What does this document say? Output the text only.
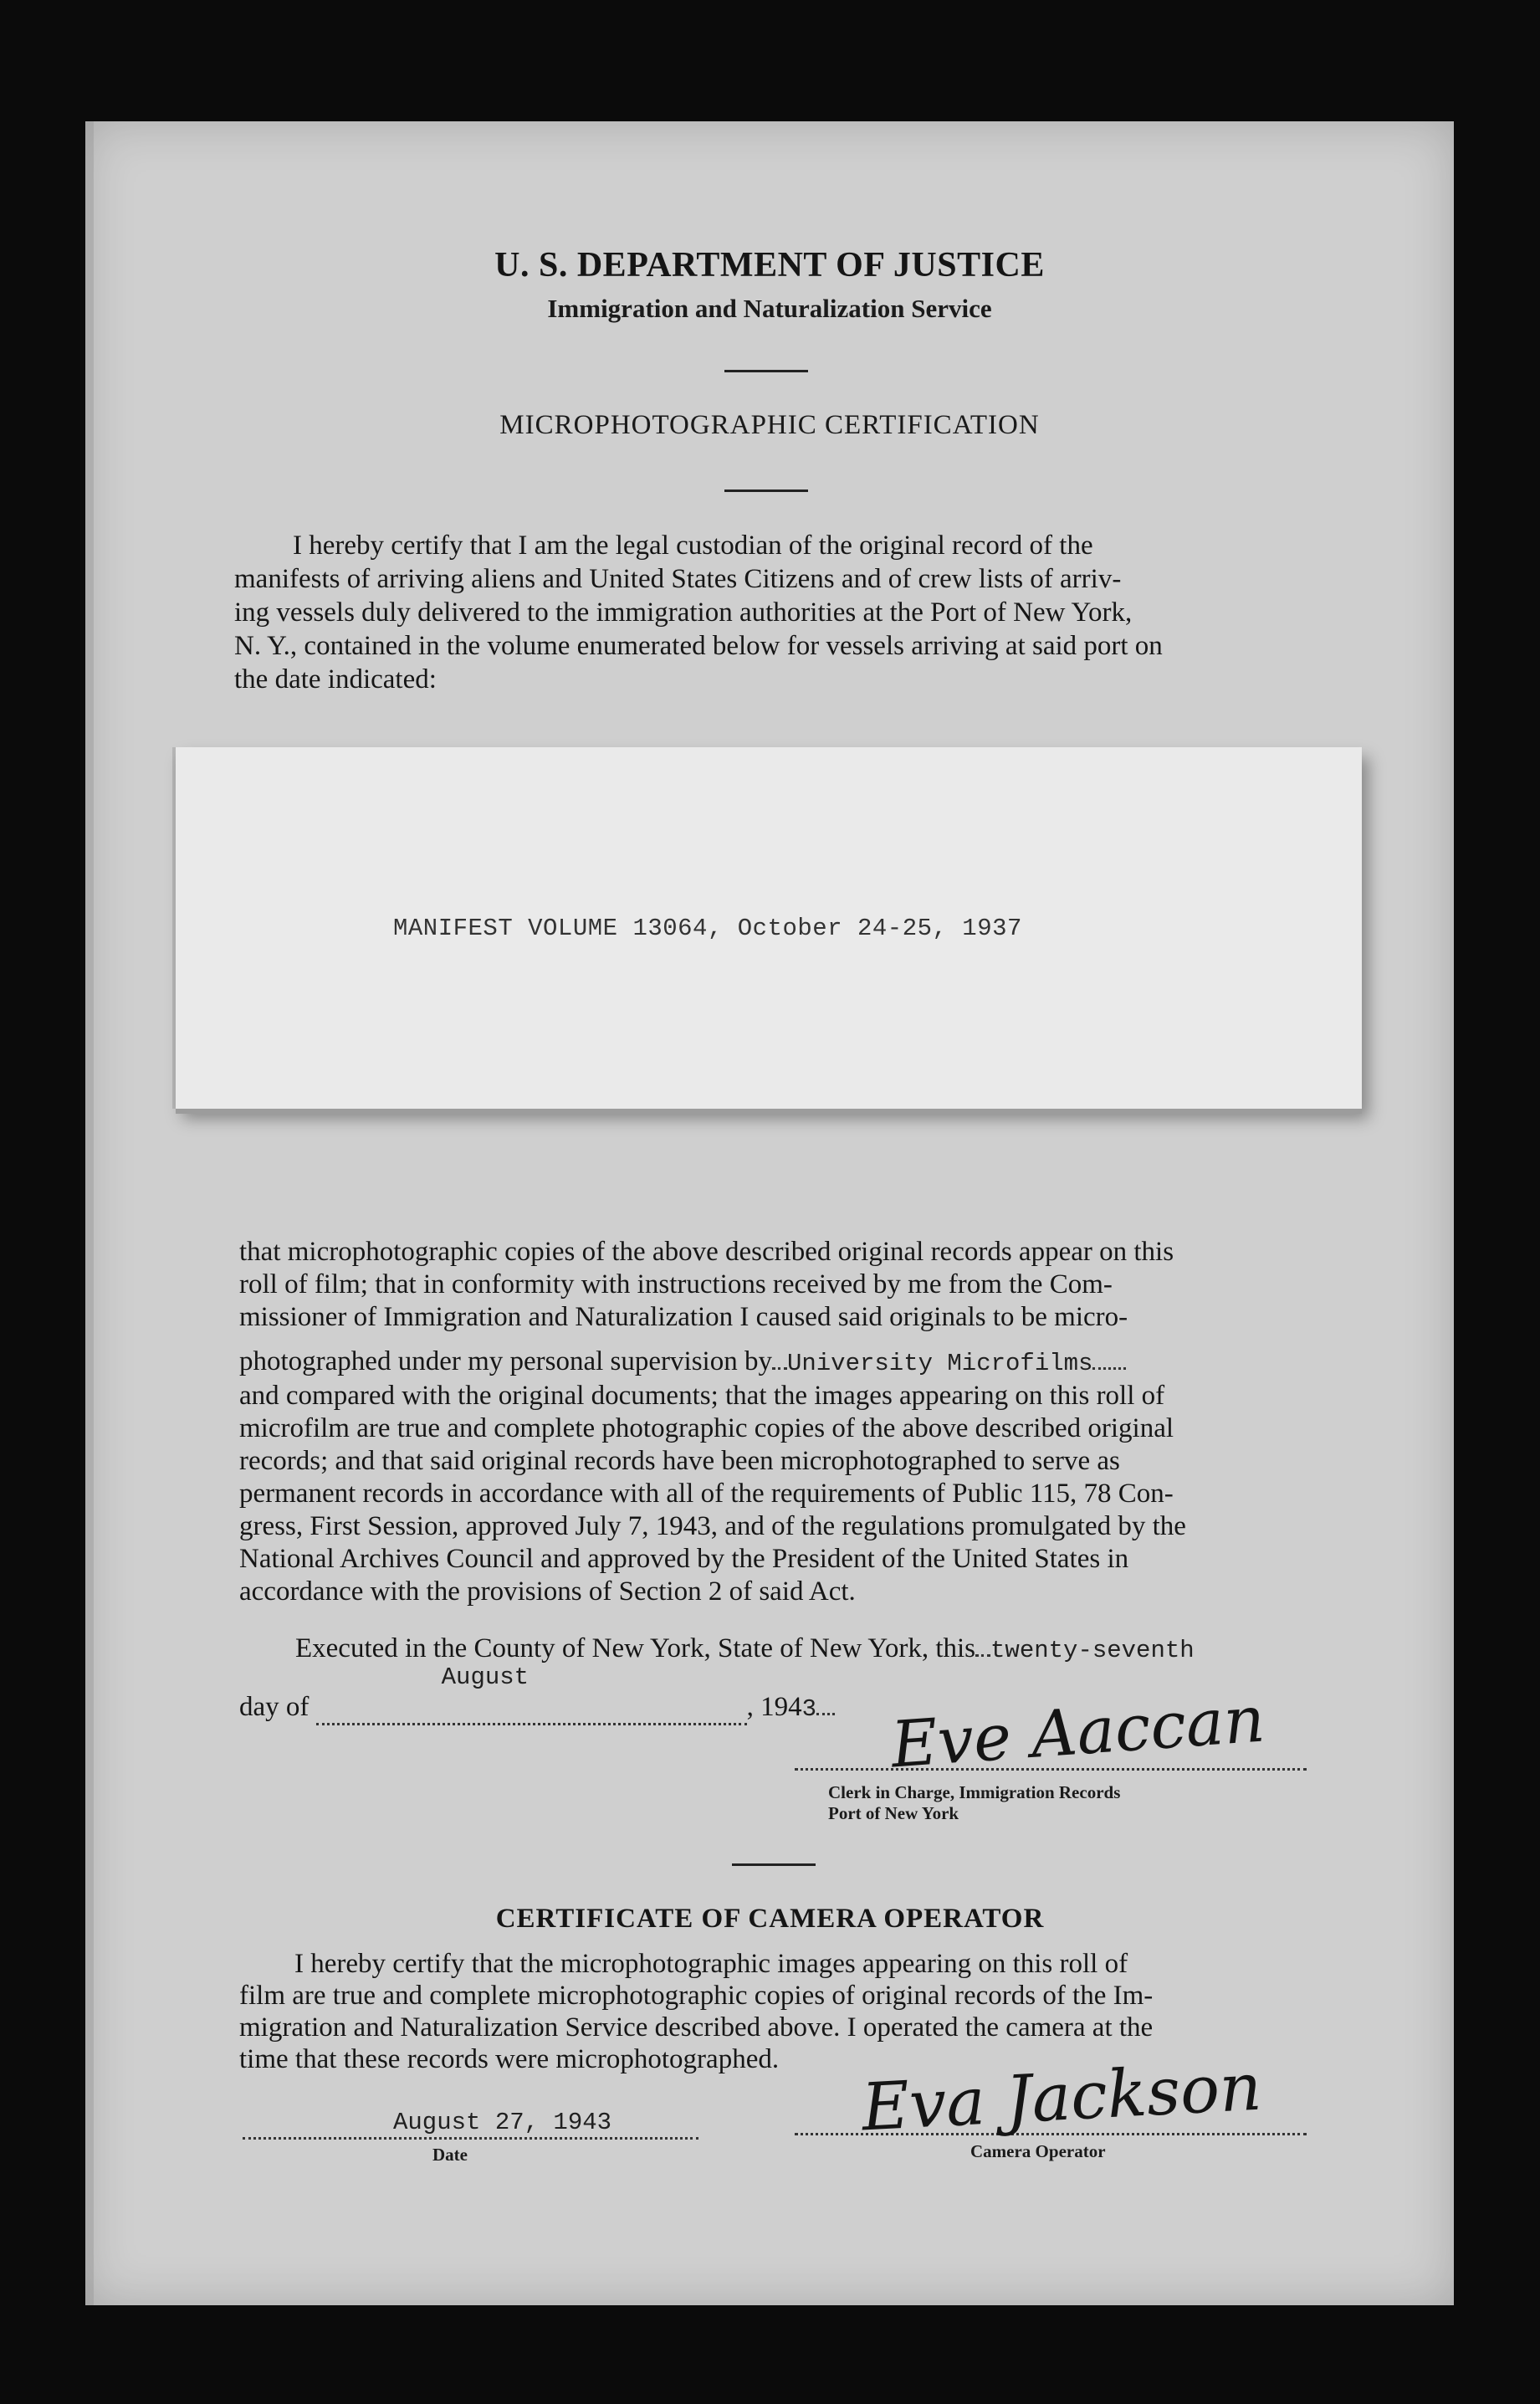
U. S. DEPARTMENT OF JUSTICE
Immigration and Naturalization Service
MICROPHOTOGRAPHIC CERTIFICATION
I hereby certify that I am the legal custodian of the original record of the
manifests of arriving aliens and United States Citizens and of crew lists of arriv-
ing vessels duly delivered to the immigration authorities at the Port of New York,
N. Y., contained in the volume enumerated below for vessels arriving at said port on
the date indicated:
MANIFEST VOLUME 13064, October 24-25, 1937
that microphotographic copies of the above described original records appear on this
roll of film; that in conformity with instructions received by me from the Com-
missioner of Immigration and Naturalization I caused said originals to be micro-
photographed under my personal supervision by University Microfilms
and compared with the original documents; that the images appearing on this roll of
microfilm are true and complete photographic copies of the above described original
records; and that said original records have been microphotographed to serve as
permanent records in accordance with all of the requirements of Public 115, 78 Con-
gress, First Session, approved July 7, 1943, and of the regulations promulgated by the
National Archives Council and approved by the President of the United States in
accordance with the provisions of Section 2 of said Act.
Executed in the County of New York, State of New York, this twenty-seventh
day of
August
, 1943 Eve Aaccan
Clerk in Charge, Immigration Records
Port of New York
CERTIFICATE OF CAMERA OPERATOR
I hereby certify that the microphotographic images appearing on this roll of
film are true and complete microphotographic copies of original records of the Im-
migration and Naturalization Service described above. I operated the camera at the
time that these records were microphotographed.
August 27, 1943
Date
Eva Jackson
Camera Operator
